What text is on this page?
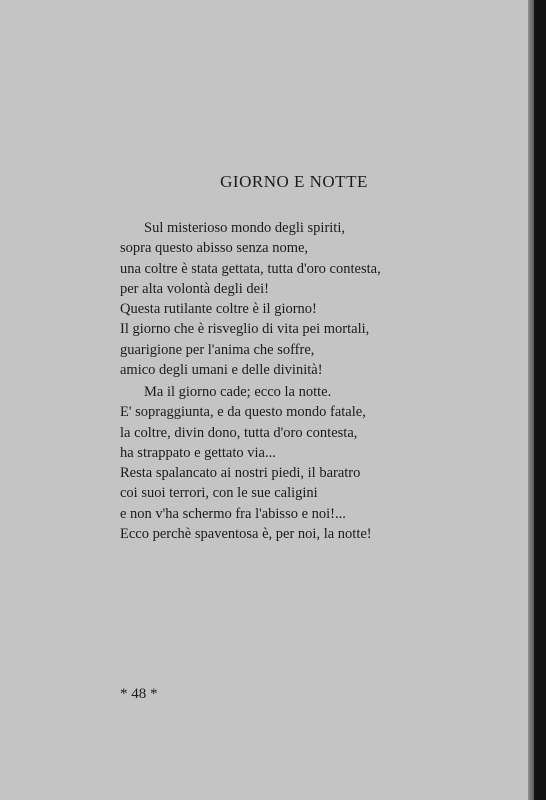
GIORNO E NOTTE
Sul misterioso mondo degli spiriti,
sopra questo abisso senza nome,
una coltre è stata gettata, tutta d'oro contesta,
per alta volontà degli dei!
Questa rutilante coltre è il giorno!
Il giorno che è risveglio di vita pei mortali,
guarigione per l'anima che soffre,
amico degli umani e delle divinità!
Ma il giorno cade; ecco la notte.
E' sopraggiunta, e da questo mondo fatale,
la coltre, divin dono, tutta d'oro contesta,
ha strappato e gettato via...
Resta spalancato ai nostri piedi, il baratro
coi suoi terrori, con le sue caligini
e non v'ha schermo fra l'abisso e noi!...
Ecco perchè spaventosa è, per noi, la notte!
* 48 *
